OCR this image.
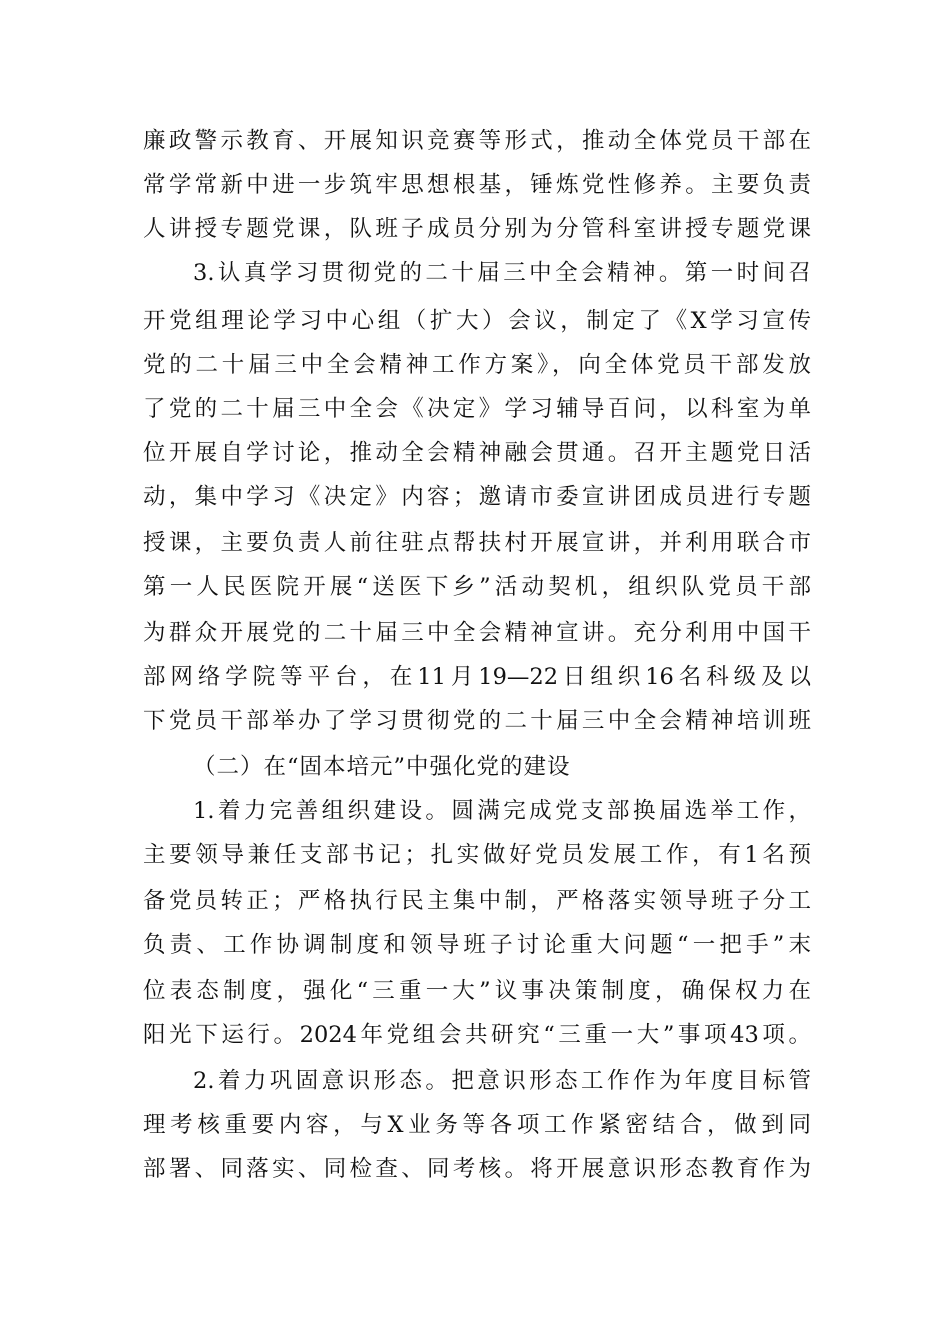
廉政警示教育、开展知识竞赛等形式，推动全体党员干部在
常学常新中进一步筑牢思想根基，锤炼党性修养。主要负责
人讲授专题党课，队班子成员分别为分管科室讲授专题党课
3.认真学习贯彻党的二十届三中全会精神。第一时间召
开党组理论学习中心组（扩大）会议，制定了《X学习宣传
党的二十届三中全会精神工作方案》，向全体党员干部发放
了党的二十届三中全会《决定》学习辅导百问，以科室为单
位开展自学讨论，推动全会精神融会贯通。召开主题党日活
动，集中学习《决定》内容；邀请市委宣讲团成员进行专题
授课，主要负责人前往驻点帮扶村开展宣讲，并利用联合市
第一人民医院开展“送医下乡”活动契机，组织队党员干部
为群众开展党的二十届三中全会精神宣讲。充分利用中国干
部网络学院等平台，在11月19—22日组织16名科级及以
下党员干部举办了学习贯彻党的二十届三中全会精神培训班
（二）在“固本培元”中强化党的建设
1.着力完善组织建设。圆满完成党支部换届选举工作，
主要领导兼任支部书记；扎实做好党员发展工作，有1名预
备党员转正；严格执行民主集中制，严格落实领导班子分工
负责、工作协调制度和领导班子讨论重大问题“一把手”末
位表态制度，强化“三重一大”议事决策制度，确保权力在
阳光下运行。2024年党组会共研究“三重一大”事项43项。
2.着力巩固意识形态。把意识形态工作作为年度目标管
理考核重要内容，与X业务等各项工作紧密结合，做到同
部署、同落实、同检查、同考核。将开展意识形态教育作为
